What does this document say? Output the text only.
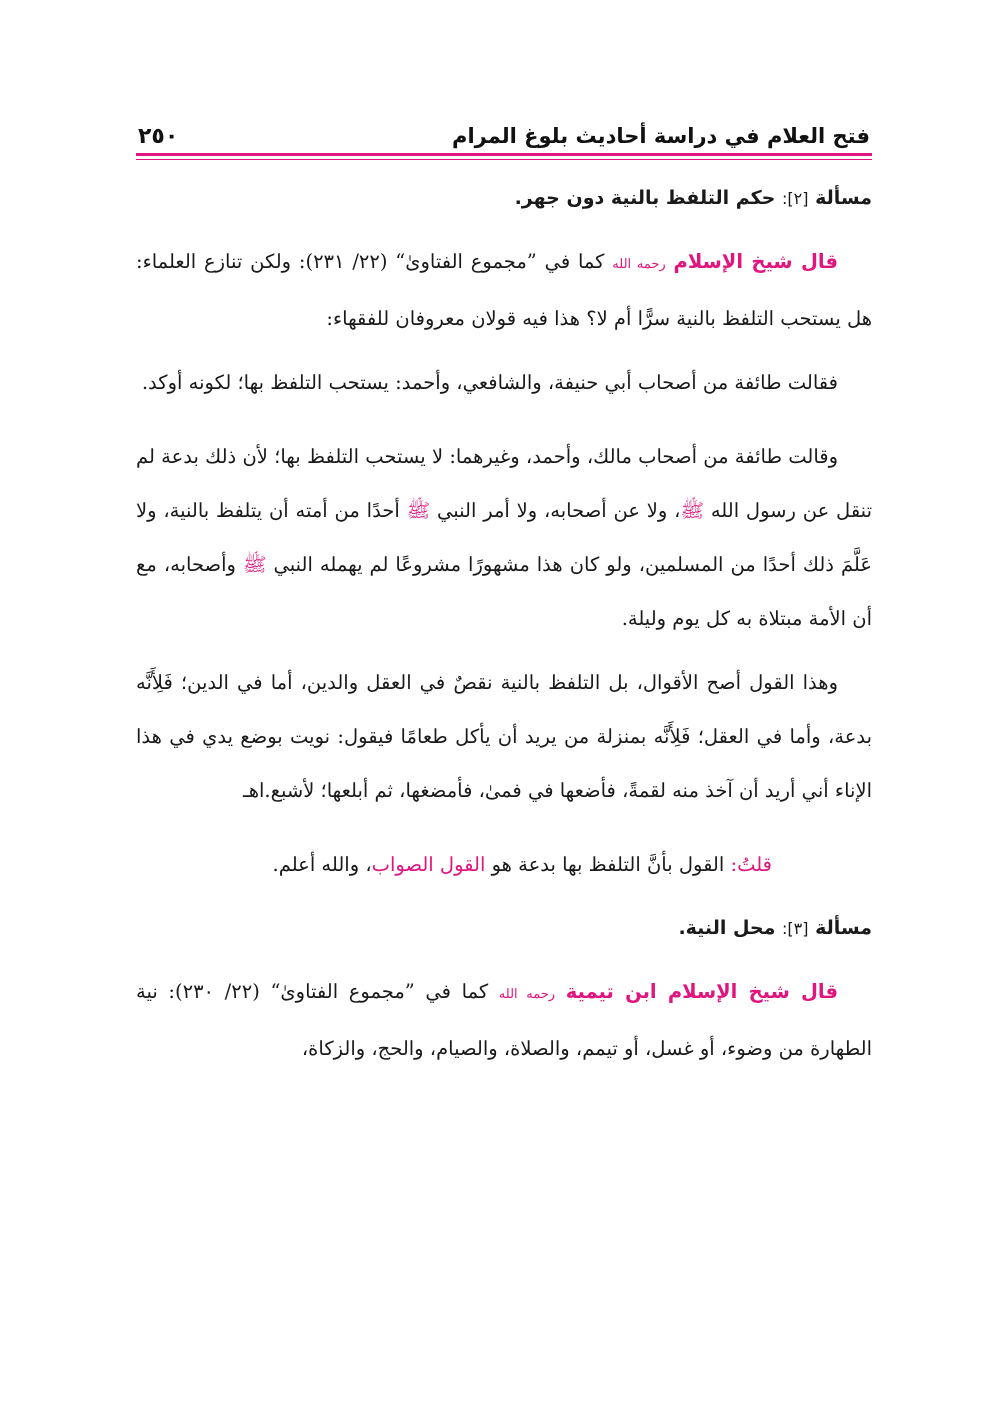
فتح العلام في دراسة أحاديث بلوغ المرام
٢٥٠
مسألة [٢]: حكم التلفظ بالنية دون جهر.

قال شيخ الإسلام رحمه الله كما في ”مجموع الفتاوىٰ“ (٢٢/ ٢٣١): ولكن تنازع العلماء: هل يستحب التلفظ بالنية سرًّا أم لا؟ هذا فيه قولان معروفان للفقهاء:

فقالت طائفة من أصحاب أبي حنيفة، والشافعي، وأحمد: يستحب التلفظ بها؛ لكونه أوكد.

وقالت طائفة من أصحاب مالك، وأحمد، وغيرهما: لا يستحب التلفظ بها؛ لأن ذلك بدعة لم تنقل عن رسول الله ﷺ، ولا عن أصحابه، ولا أمر النبي ﷺ أحدًا من أمته أن يتلفظ بالنية، ولا عَلَّمَ ذلك أحدًا من المسلمين، ولو كان هذا مشهورًا مشروعًا لم يهمله النبي ﷺ وأصحابه، مع أن الأمة مبتلاة به كل يوم وليلة.

وهذا القول أصح الأقوال، بل التلفظ بالنية نقصٌ في العقل والدين، أما في الدين؛ فَلِأَنَّه بدعة، وأما في العقل؛ فَلِأَنَّه بمنزلة من يريد أن يأكل طعامًا فيقول: نويت بوضع يدي في هذا الإناء أني أريد أن آخذ منه لقمةً، فأضعها في فمىٰ، فأمضغها، ثم أبلعها؛ لأشبع.اهـ

قلتُ: القول بأنَّ التلفظ بها بدعة هو القول الصواب، والله أعلم.

مسألة [٣]: محل النية.

قال شيخ الإسلام ابن تيمية رحمه الله كما في ”مجموع الفتاوىٰ“ (٢٢/ ٢٣٠): نية الطهارة من وضوء، أو غسل، أو تيمم، والصلاة، والصيام، والحج، والزكاة،
